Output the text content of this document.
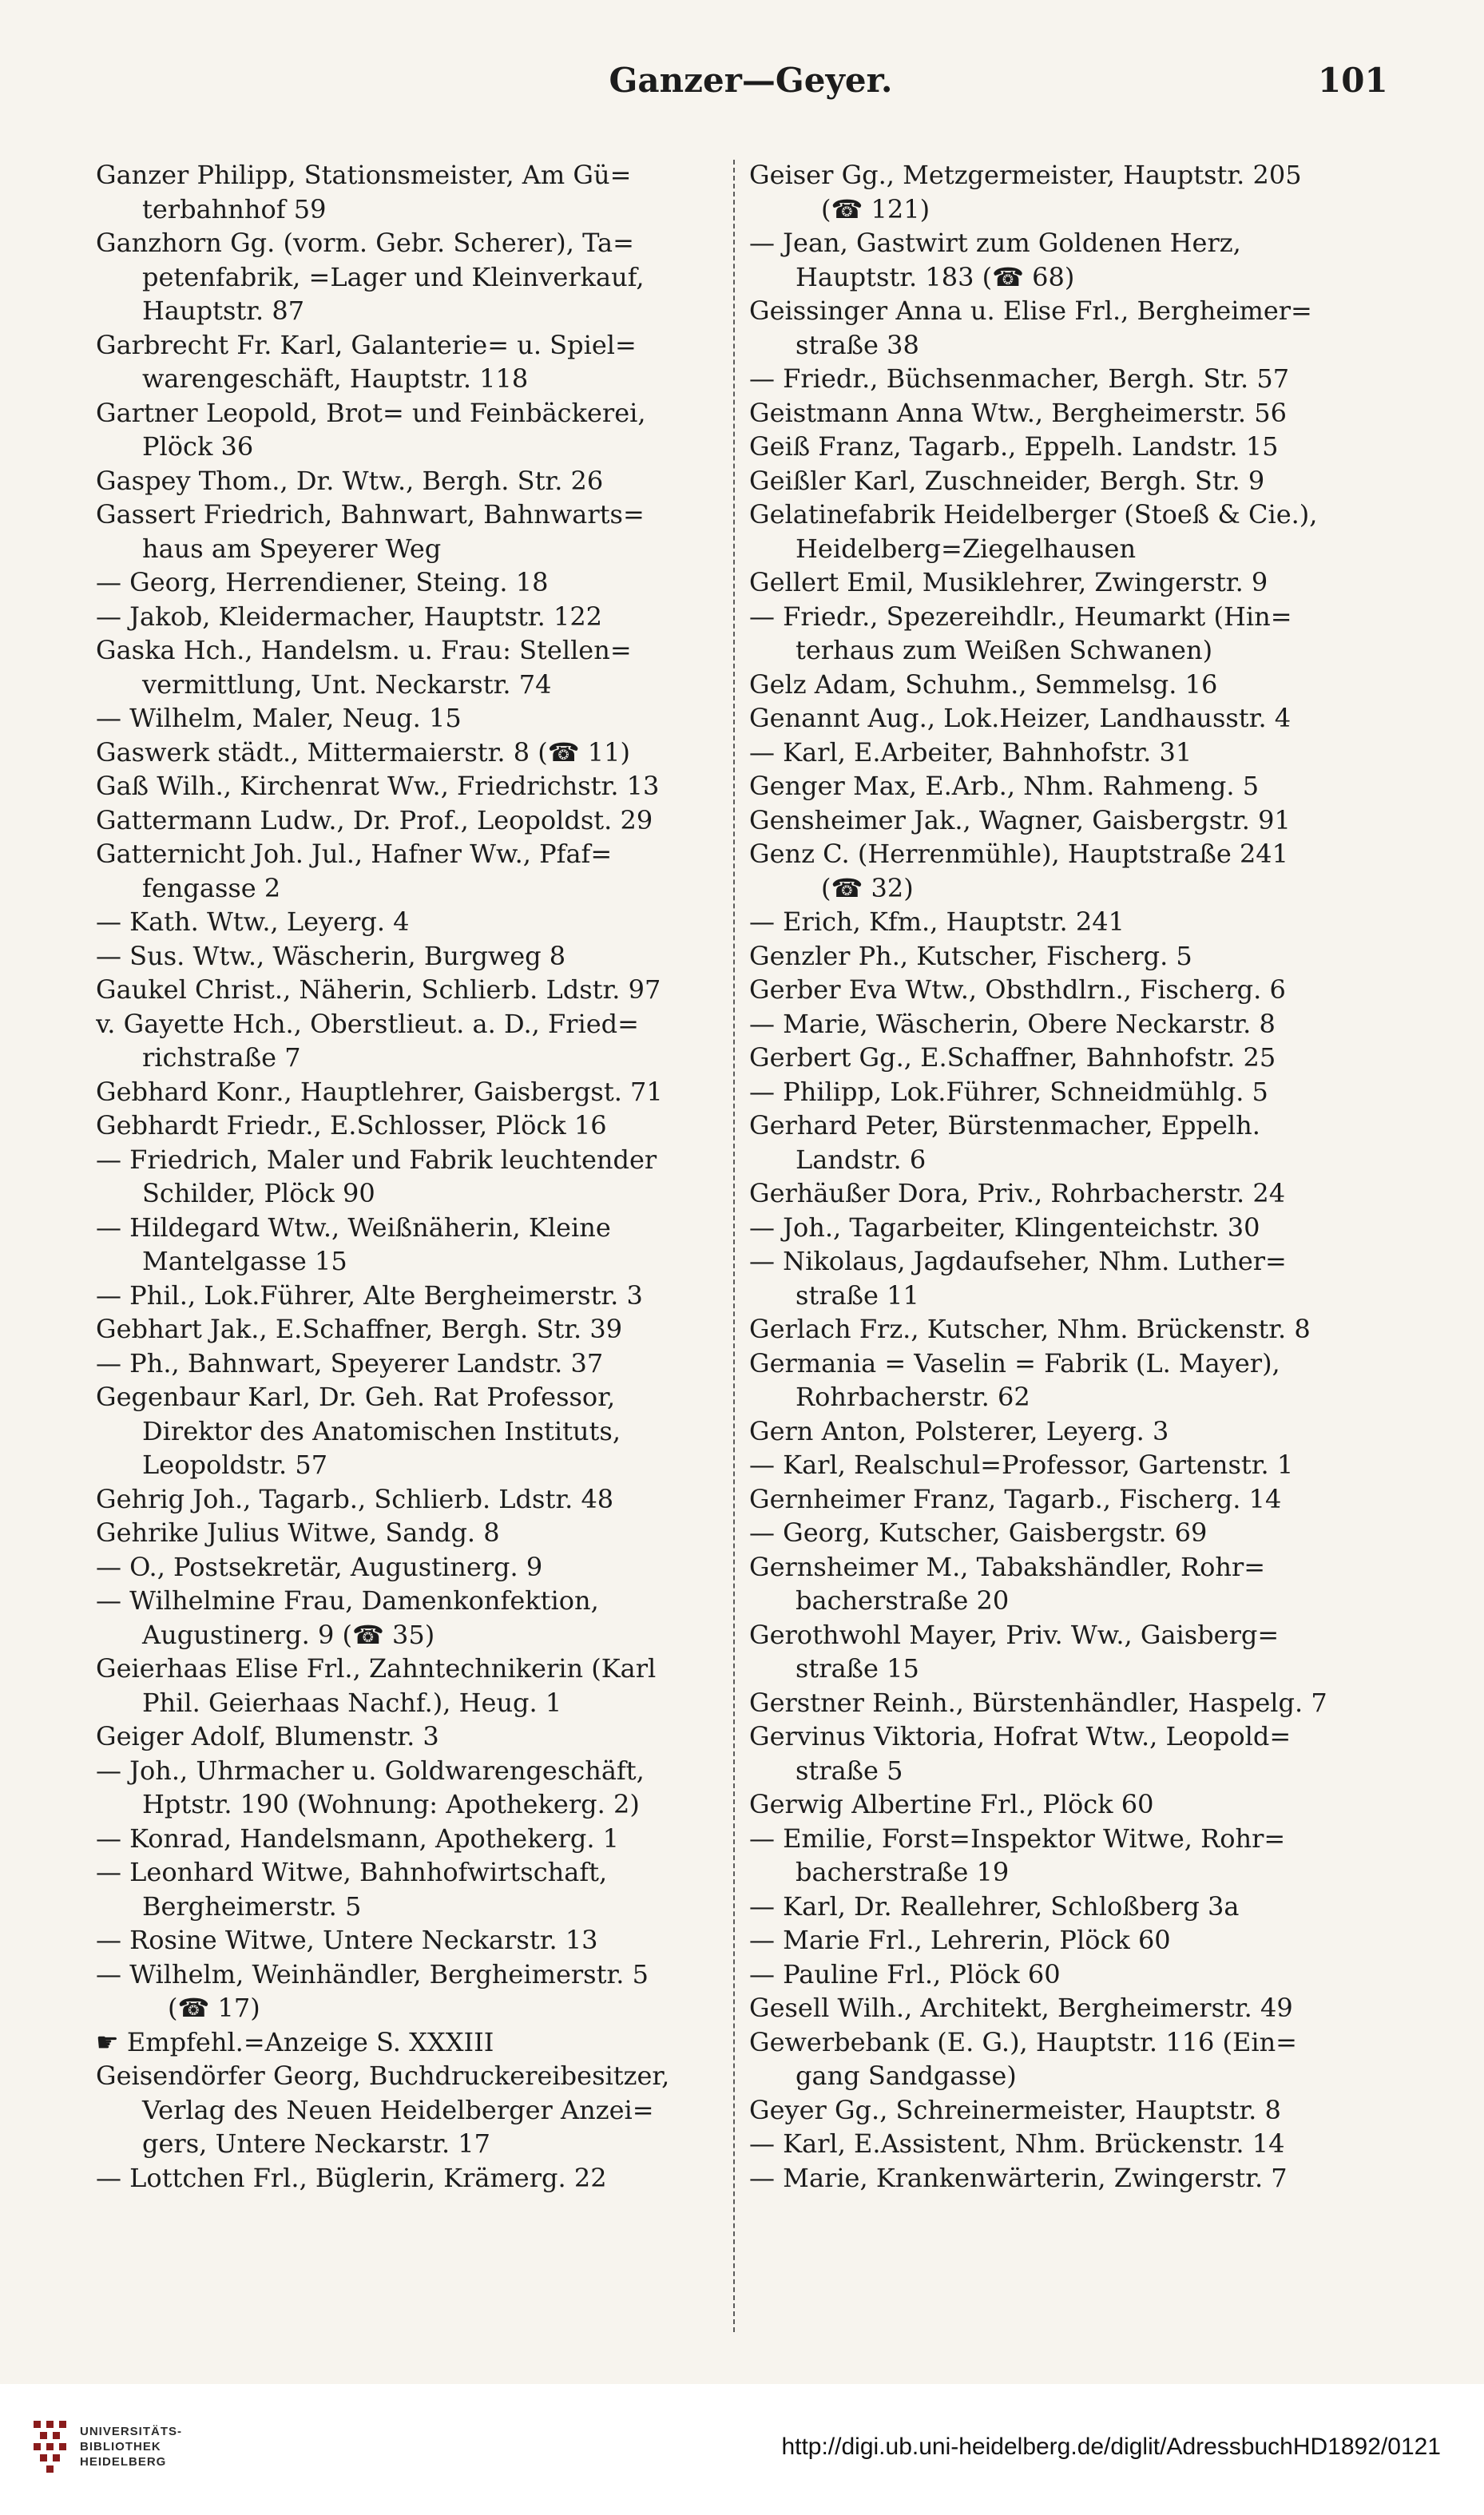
Ganzer—Geyer.	101

Ganzer Philipp, Stationsmeister, Am Gü=

terbahnhof 59

Ganzhorn Gg. (vorm. Gebr. Scherer), Ta=

petenfabrik, =Lager und Kleinverkauf,

Hauptstr. 87

Garbrecht Fr. Karl, Galanterie= u. Spiel=

warengeschäft, Hauptstr. 118

Gartner Leopold, Brot= und Feinbäckerei,

Plöck 36

Gaspey Thom., Dr. Wtw., Bergh. Str. 26

Gassert Friedrich, Bahnwart, Bahnwarts=

haus am Speyerer Weg

— Georg, Herrendiener, Steing. 18

— Jakob, Kleidermacher, Hauptstr. 122

Gaska Hch., Handelsm. u. Frau: Stellen=

vermittlung, Unt. Neckarstr. 74

— Wilhelm, Maler, Neug. 15

Gaswerk städt., Mittermaierstr. 8 (☎ 11)

Gaß Wilh., Kirchenrat Ww., Friedrichstr. 13

Gattermann Ludw., Dr. Prof., Leopoldst. 29

Gatternicht Joh. Jul., Hafner Ww., Pfaf=

fengasse 2

— Kath. Wtw., Leyerg. 4

— Sus. Wtw., Wäscherin, Burgweg 8

Gaukel Christ., Näherin, Schlierb. Ldstr. 97

v. Gayette Hch., Oberstlieut. a. D., Fried=

richstraße 7

Gebhard Konr., Hauptlehrer, Gaisbergst. 71

Gebhardt Friedr., E.Schlosser, Plöck 16

— Friedrich, Maler und Fabrik leuchtender

Schilder, Plöck 90

— Hildegard Wtw., Weißnäherin, Kleine

Mantelgasse 15

— Phil., Lok.Führer, Alte Bergheimerstr. 3

Gebhart Jak., E.Schaffner, Bergh. Str. 39

— Ph., Bahnwart, Speyerer Landstr. 37

Gegenbaur Karl, Dr. Geh. Rat Professor,

Direktor des Anatomischen Instituts,

Leopoldstr. 57

Gehrig Joh., Tagarb., Schlierb. Ldstr. 48

Gehrike Julius Witwe, Sandg. 8

— O., Postsekretär, Augustinerg. 9

— Wilhelmine Frau, Damenkonfektion,

Augustinerg. 9 (☎ 35)

Geierhaas Elise Frl., Zahntechnikerin (Karl

Phil. Geierhaas Nachf.), Heug. 1

Geiger Adolf, Blumenstr. 3

— Joh., Uhrmacher u. Goldwarengeschäft,

Hptstr. 190 (Wohnung: Apothekerg. 2)

— Konrad, Handelsmann, Apothekerg. 1

— Leonhard Witwe, Bahnhofwirtschaft,

Bergheimerstr. 5

— Rosine Witwe, Untere Neckarstr. 13

— Wilhelm, Weinhändler, Bergheimerstr. 5

(☎ 17)

☛ Empfehl.=Anzeige S. XXXIII

Geisendörfer Georg, Buchdruckereibesitzer,

Verlag des Neuen Heidelberger Anzei=

gers, Untere Neckarstr. 17

— Lottchen Frl., Büglerin, Krämerg. 22

Geiser Gg., Metzgermeister, Hauptstr. 205

(☎ 121)

— Jean, Gastwirt zum Goldenen Herz,

Hauptstr. 183 (☎ 68)

Geissinger Anna u. Elise Frl., Bergheimer=

straße 38

— Friedr., Büchsenmacher, Bergh. Str. 57

Geistmann Anna Wtw., Bergheimerstr. 56

Geiß Franz, Tagarb., Eppelh. Landstr. 15

Geißler Karl, Zuschneider, Bergh. Str. 9

Gelatinefabrik Heidelberger (Stoeß & Cie.),

Heidelberg=Ziegelhausen

Gellert Emil, Musiklehrer, Zwingerstr. 9

— Friedr., Spezereihdlr., Heumarkt (Hin=

terhaus zum Weißen Schwanen)

Gelz Adam, Schuhm., Semmelsg. 16

Genannt Aug., Lok.Heizer, Landhausstr. 4

— Karl, E.Arbeiter, Bahnhofstr. 31

Genger Max, E.Arb., Nhm. Rahmeng. 5

Gensheimer Jak., Wagner, Gaisbergstr. 91

Genz C. (Herrenmühle), Hauptstraße 241

(☎ 32)

— Erich, Kfm., Hauptstr. 241

Genzler Ph., Kutscher, Fischerg. 5

Gerber Eva Wtw., Obsthdlrn., Fischerg. 6

— Marie, Wäscherin, Obere Neckarstr. 8

Gerbert Gg., E.Schaffner, Bahnhofstr. 25

— Philipp, Lok.Führer, Schneidmühlg. 5

Gerhard Peter, Bürstenmacher, Eppelh.

Landstr. 6

Gerhäußer Dora, Priv., Rohrbacherstr. 24

— Joh., Tagarbeiter, Klingenteichstr. 30

— Nikolaus, Jagdaufseher, Nhm. Luther=

straße 11

Gerlach Frz., Kutscher, Nhm. Brückenstr. 8

Germania = Vaselin = Fabrik (L. Mayer),

Rohrbacherstr. 62

Gern Anton, Polsterer, Leyerg. 3

— Karl, Realschul=Professor, Gartenstr. 1

Gernheimer Franz, Tagarb., Fischerg. 14

— Georg, Kutscher, Gaisbergstr. 69

Gernsheimer M., Tabakshändler, Rohr=

bacherstraße 20

Gerothwohl Mayer, Priv. Ww., Gaisberg=

straße 15

Gerstner Reinh., Bürstenhändler, Haspelg. 7

Gervinus Viktoria, Hofrat Wtw., Leopold=

straße 5

Gerwig Albertine Frl., Plöck 60

— Emilie, Forst=Inspektor Witwe, Rohr=

bacherstraße 19

— Karl, Dr. Reallehrer, Schloßberg 3a

— Marie Frl., Lehrerin, Plöck 60

— Pauline Frl., Plöck 60

Gesell Wilh., Architekt, Bergheimerstr. 49

Gewerbebank (E. G.), Hauptstr. 116 (Ein=

gang Sandgasse)

Geyer Gg., Schreinermeister, Hauptstr. 8

— Karl, E.Assistent, Nhm. Brückenstr. 14

— Marie, Krankenwärterin, Zwingerstr. 7

UNIVERSITÄTS-
BIBLIOTHEK
HEIDELBERG
http://digi.ub.uni-heidelberg.de/diglit/AdressbuchHD1892/0121
